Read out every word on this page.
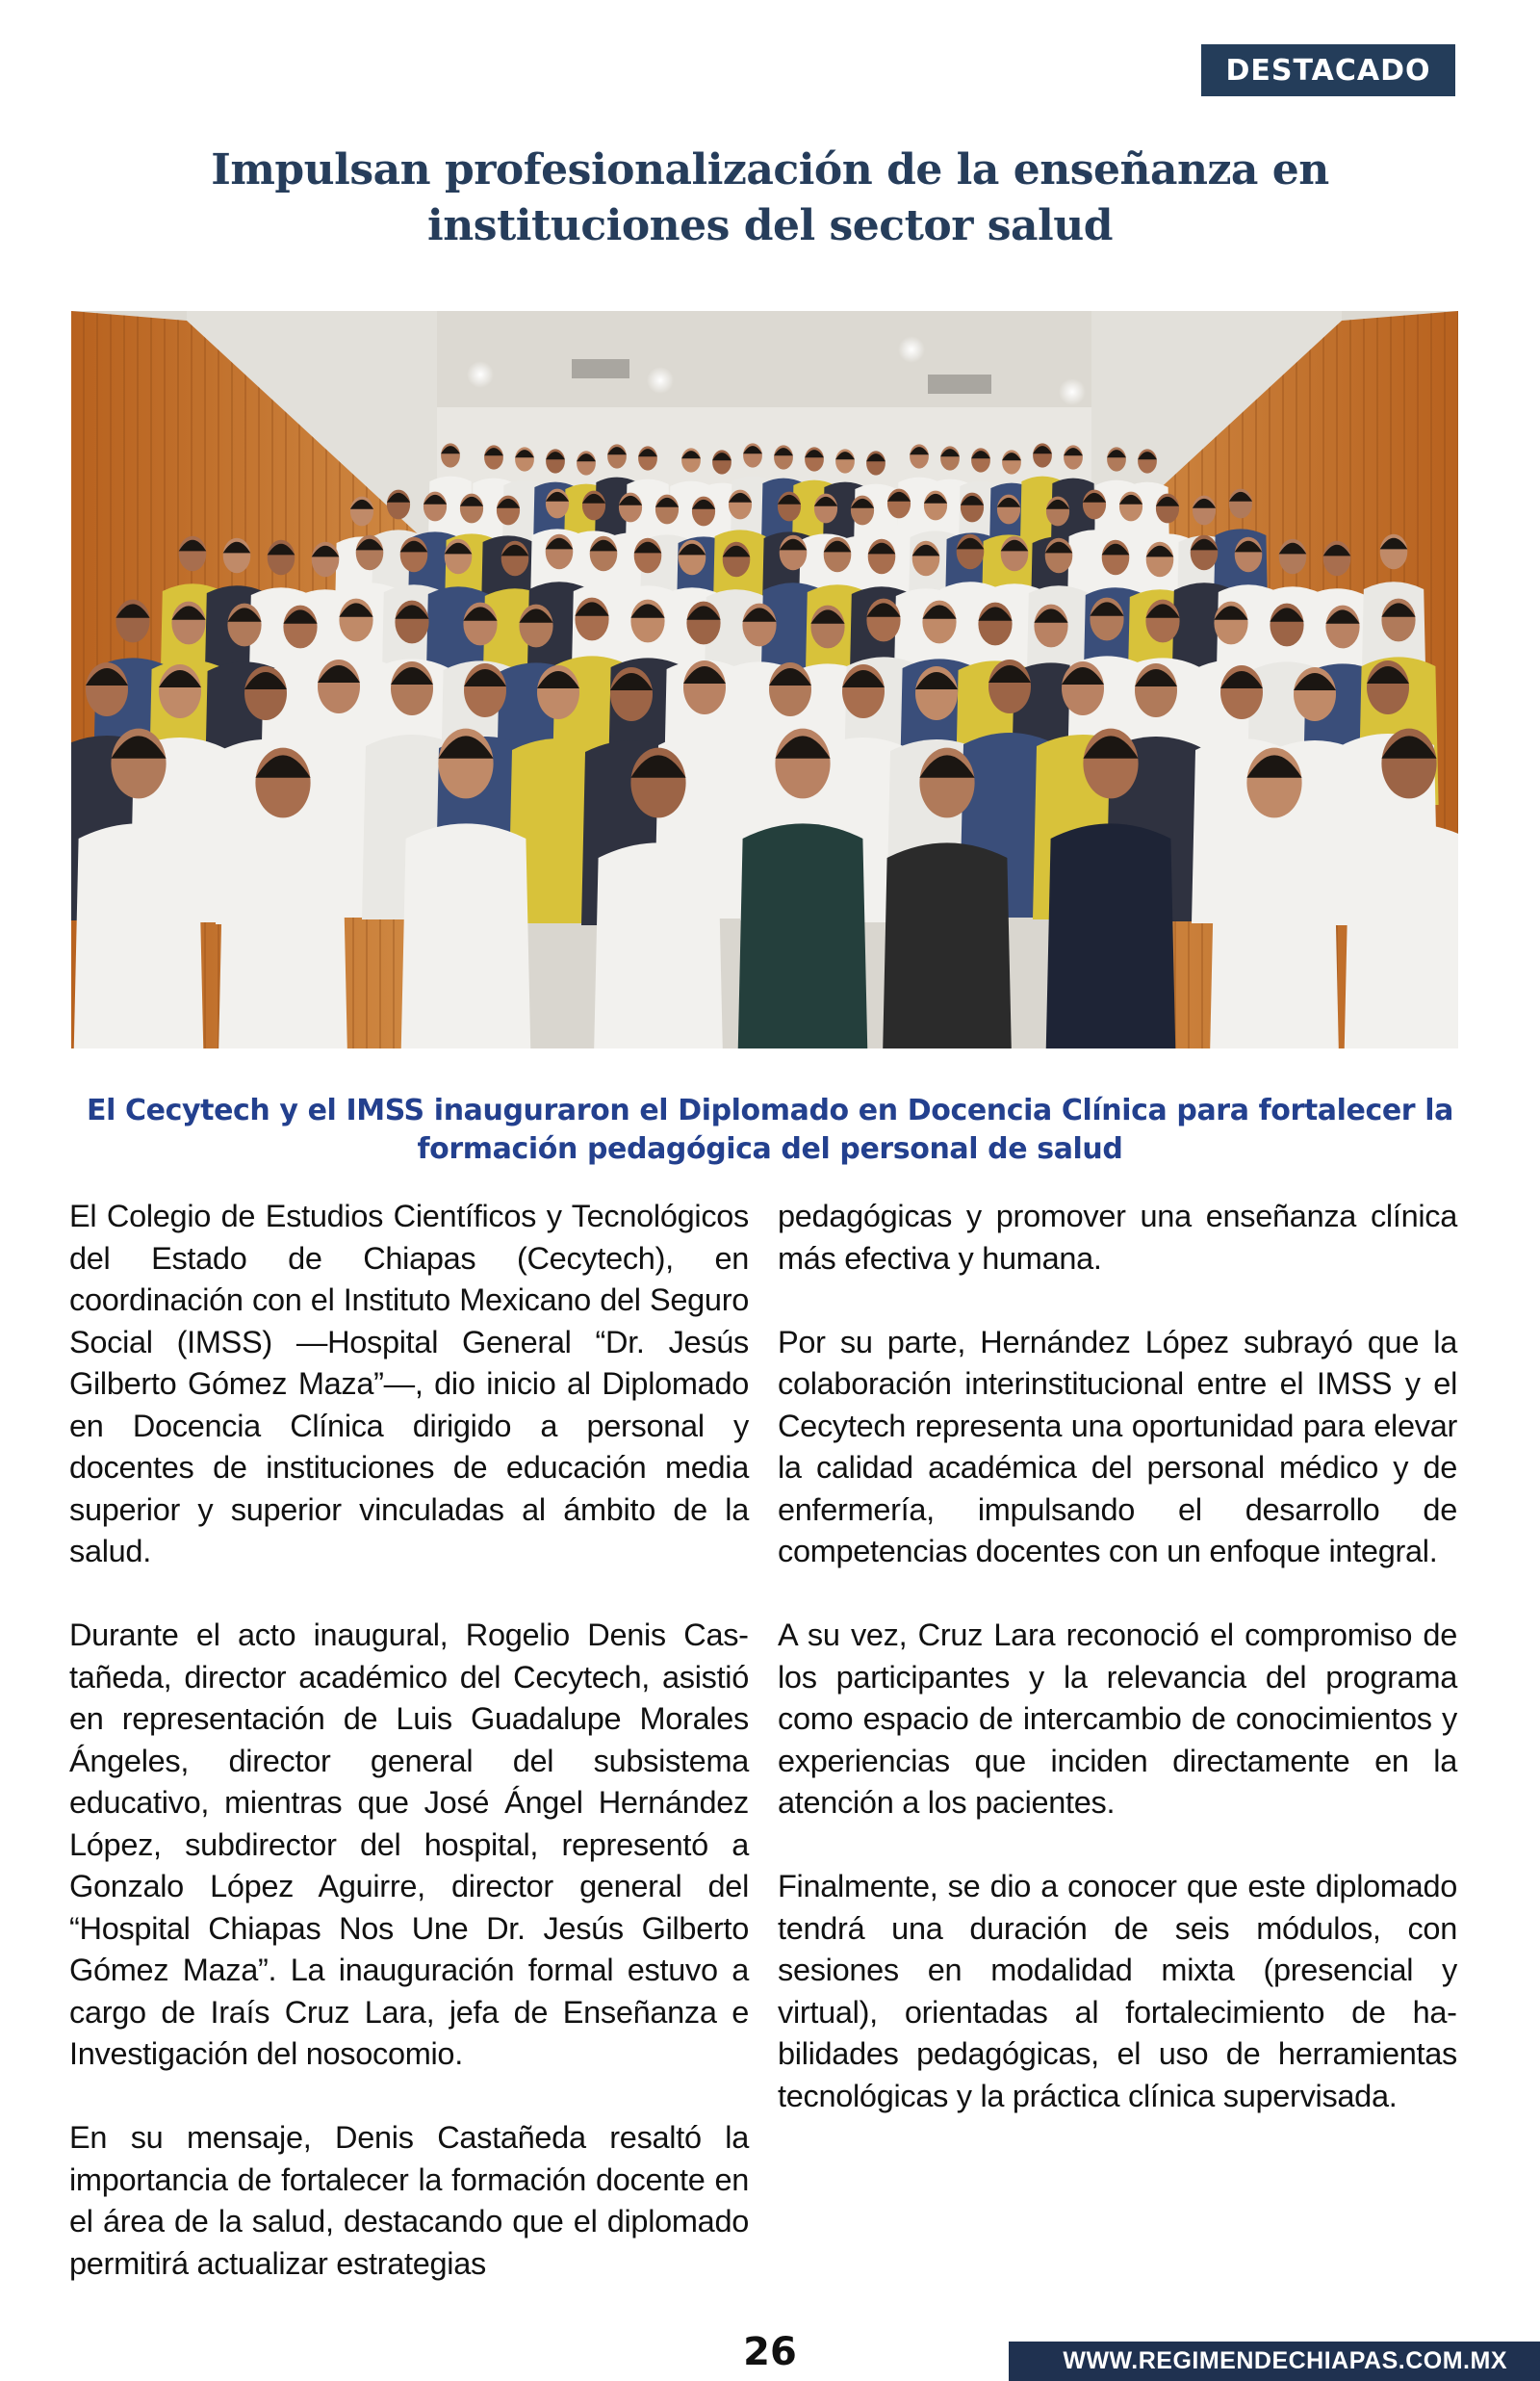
DESTACADO
Impulsan profesionalización de la enseñanza en instituciones del sector salud
El Cecytech y el IMSS inauguraron el Diplomado en Docencia Clínica para fortalecer la formación pedagógica del personal de salud

El Colegio de Estudios Científicos y Tecnológicos del Estado de Chiapas (Cecytech), en coordinación con el Instituto Mexicano del Seguro Social (IMSS) —Hospital General “Dr. Jesús Gilberto Gómez Maza”—, dio inicio al Diplomado en Docencia Clínica dirigido a personal y docentes de instituciones de educación media superior y superior vinculadas al ámbito de la salud.

Durante el acto inaugural, Rogelio Denis Castañeda, director académico del Cecytech, asistió en representación de Luis Guadalupe Morales Ángeles, director general del subsistema educativo, mientras que José Ángel Hernández López, subdirector del hospital, representó a Gonzalo López Aguirre, director general del “Hospital Chiapas Nos Une Dr. Jesús Gilberto Gómez Maza”. La inauguración formal estuvo a cargo de Iraís Cruz Lara, jefa de Enseñanza e Investigación del nosocomio.

En su mensaje, Denis Castañeda resaltó la importancia de fortalecer la formación docente en el área de la salud, destacando que el diplomado permitirá actualizar estrategias

pedagógicas y promover una enseñanza clínica más efectiva y humana.

Por su parte, Hernández López subrayó que la colaboración interinstitucional entre el IMSS y el Cecytech representa una oportunidad para elevar la calidad académica del personal médico y de enfermería, impulsando el desarrollo de competencias docentes con un enfoque integral.

A su vez, Cruz Lara reconoció el compromiso de los participantes y la relevancia del programa como espacio de intercambio de conocimientos y experiencias que inciden directamente en la atención a los pacientes.

Finalmente, se dio a conocer que este diplomado tendrá una duración de seis módulos, con sesiones en modalidad mixta (presencial y virtual), orientadas al fortalecimiento de habilidades pedagógicas, el uso de herramientas tecnológicas y la práctica clínica supervisada.

26	WWW.REGIMENDECHIAPAS.COM.MX
